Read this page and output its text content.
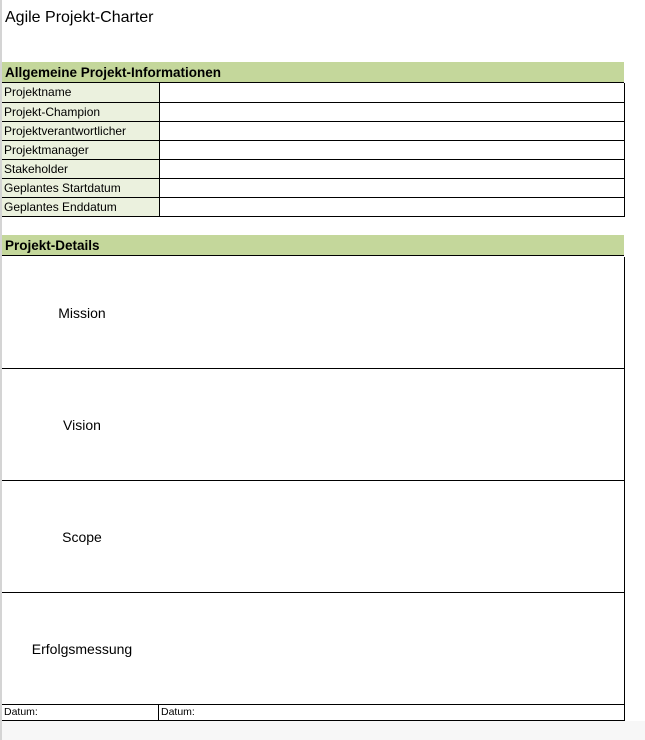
Agile Projekt-Charter
Allgemeine Projekt-Informationen
Projektname	
Projekt-Champion	
Projektverantwortlicher	
Projektmanager	
Stakeholder	
Geplantes Startdatum	
Geplantes Enddatum	
Projekt-Details
Mission
Vision
Scope
Erfolgsmessung
Datum:	Datum:
